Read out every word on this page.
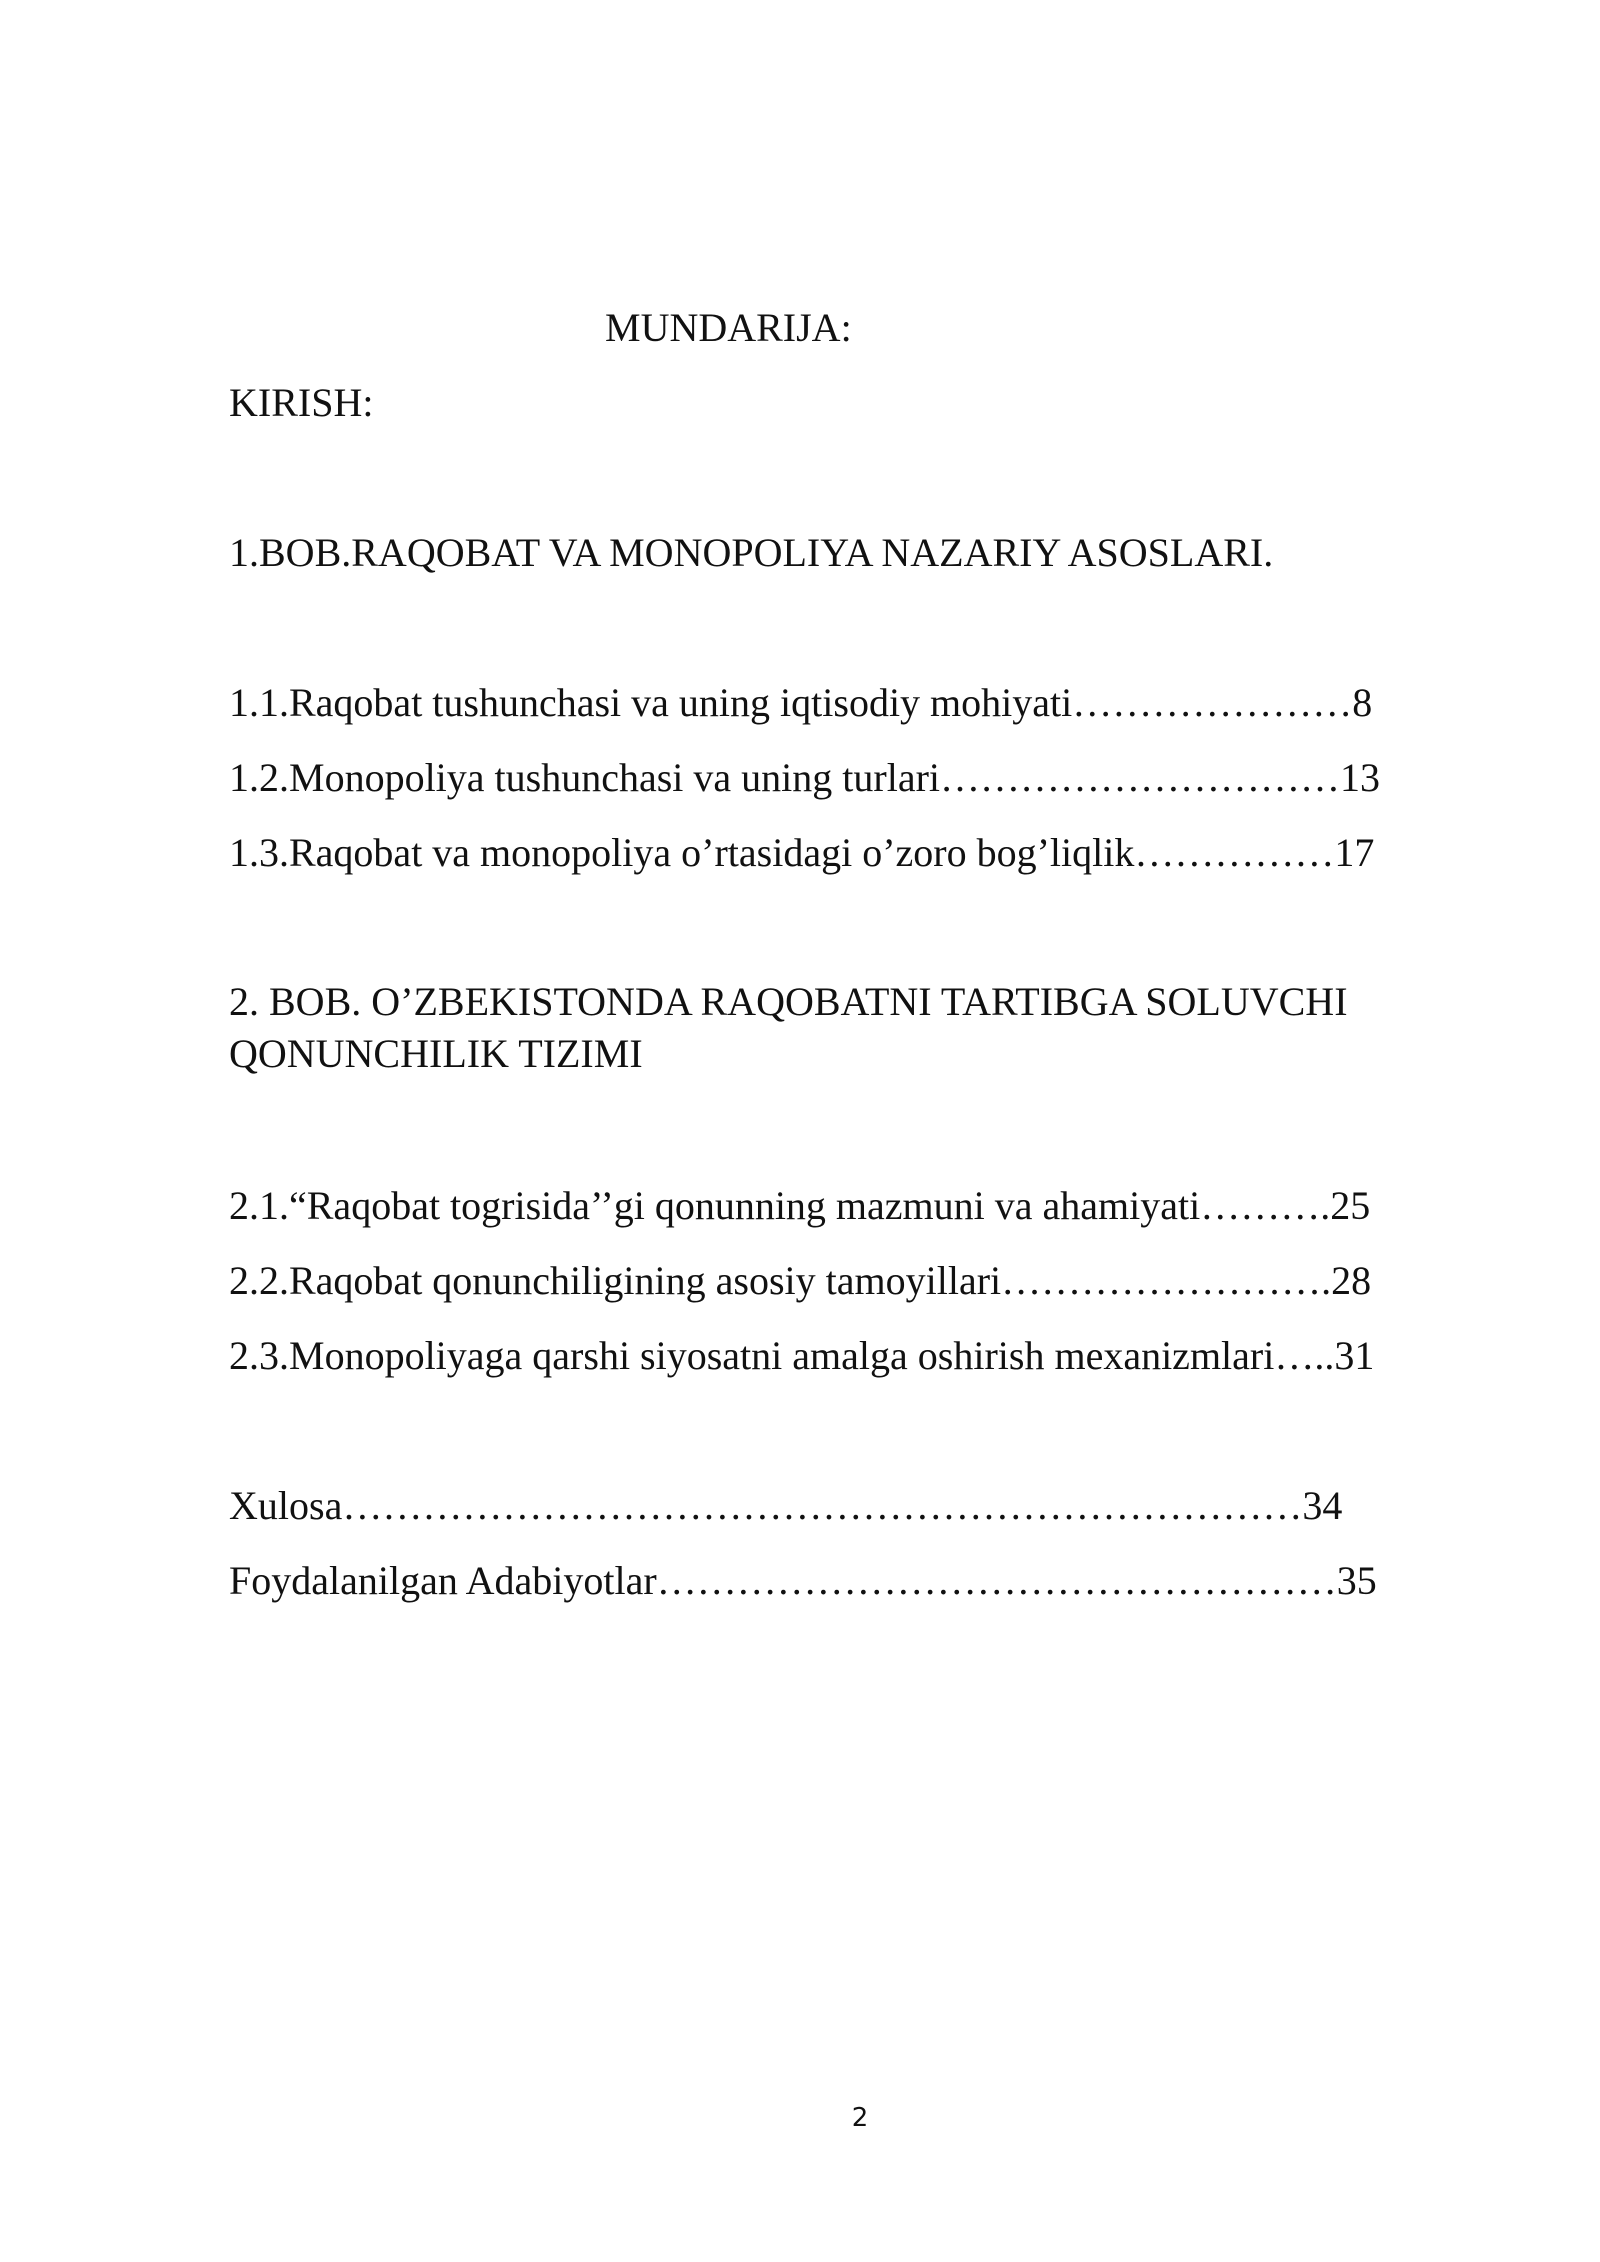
MUNDARIJA:
KIRISH:
1.BOB.RAQOBAT VA MONOPOLIYA NAZARIY ASOSLARI.
1.1.Raqobat tushunchasi va uning iqtisodiy mohiyati…………………8
1.2.Monopoliya tushunchasi va uning turlari…………………………13
1.3.Raqobat va monopoliya o’rtasidagi o’zoro bog’liqlik……………17
2. BOB. O’ZBEKISTONDA RAQOBATNI TARTIBGA SOLUVCHI
QONUNCHILIK TIZIMI
2.1.“Raqobat togrisida’’gi qonunning mazmuni va ahamiyati……….25
2.2.Raqobat qonunchiligining asosiy tamoyillari…………………….28
2.3.Monopoliyaga qarshi siyosatni amalga oshirish mexanizmlari…..31
Xulosa………………………………………………………………34
Foydalanilgan Adabiyotlar……………………………………………35
2
